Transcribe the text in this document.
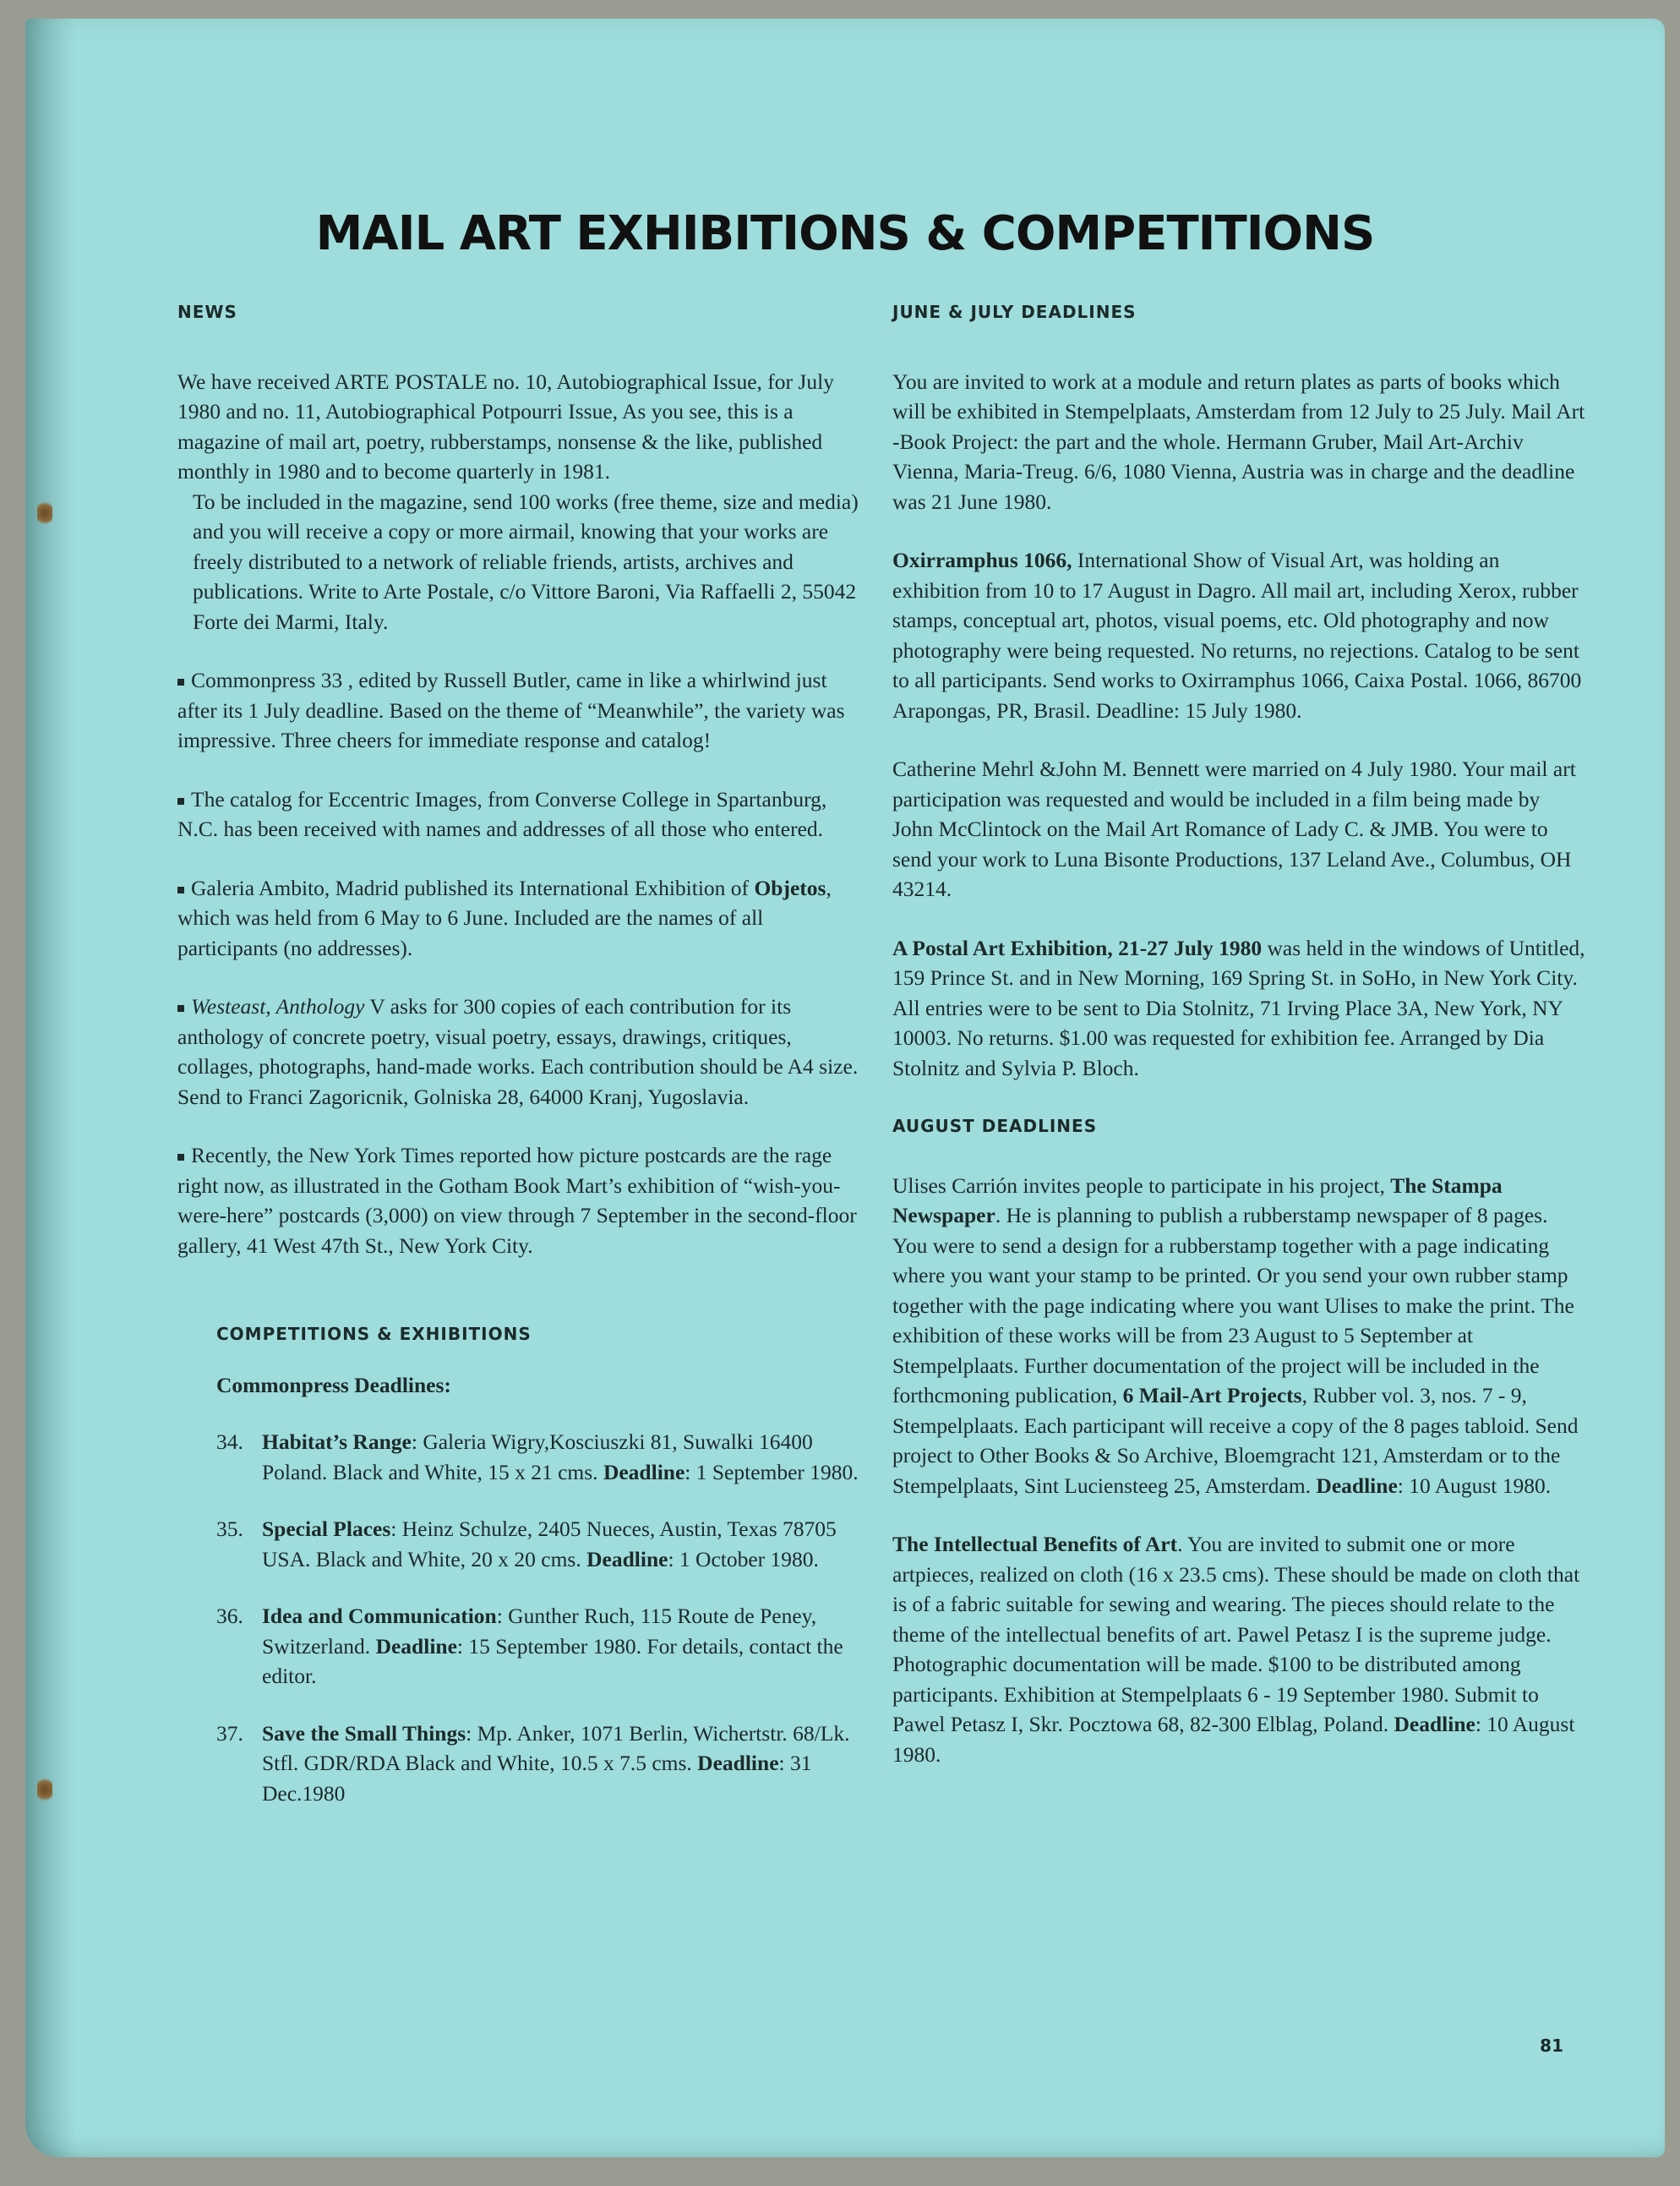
MAIL ART EXHIBITIONS & COMPETITIONS
NEWS

We have received ARTE POSTALE no. 10, Autobiographical Issue, for July 1980 and no. 11, Autobiographical Potpourri Issue, As you see, this is a magazine of mail art, poetry, rubberstamps, nonsense & the like, published monthly in 1980 and to become quarterly in 1981.

To be included in the magazine, send 100 works (free theme, size and media) and you will receive a copy or more airmail, knowing that your works are freely distributed to a network of reliable friends, artists, archives and publications. Write to Arte Postale, c/o Vittore Baroni, Via Raffaelli 2, 55042 Forte dei Marmi, Italy.

Commonpress 33 , edited by Russell Butler, came in like a whirlwind just after its 1 July deadline. Based on the theme of “Meanwhile”, the variety was impressive. Three cheers for immediate response and catalog!

The catalog for Eccentric Images, from Converse College in Spartanburg, N.C. has been received with names and addresses of all those who entered.

Galeria Ambito, Madrid published its International Exhibition of Objetos, which was held from 6 May to 6 June. Included are the names of all participants (no addresses).

Westeast, Anthology V asks for 300 copies of each contribution for its anthology of concrete poetry, visual poetry, essays, drawings, critiques, collages, photographs, hand-made works. Each contribution should be A4 size. Send to Franci Zagoricnik, Golniska 28, 64000 Kranj, Yugoslavia.

Recently, the New York Times reported how picture postcards are the rage right now, as illustrated in the Gotham Book Mart’s exhibition of “wish-you-were-here” postcards (3,000) on view through 7 September in the second-floor gallery, 41 West 47th St., New York City.

COMPETITIONS & EXHIBITIONS

Commonpress Deadlines:

34. Habitat’s Range: Galeria Wigry,Kosciuszki 81, Suwalki 16400 Poland. Black and White, 15 x 21 cms. Deadline: 1 September 1980.

35. Special Places: Heinz Schulze, 2405 Nueces, Austin, Texas 78705 USA. Black and White, 20 x 20 cms. Deadline: 1 October 1980.

36. Idea and Communication: Gunther Ruch, 115 Route de Peney, Switzerland. Deadline: 15 September 1980. For details, contact the editor.

37. Save the Small Things: Mp. Anker, 1071 Berlin, Wichertstr. 68/Lk. Stfl. GDR/RDA Black and White, 10.5 x 7.5 cms. Deadline: 31 Dec.1980

JUNE & JULY DEADLINES

You are invited to work at a module and return plates as parts of books which will be exhibited in Stempelplaats, Amsterdam from 12 July to 25 July. Mail Art -Book Project: the part and the whole. Hermann Gruber, Mail Art-Archiv Vienna, Maria-Treug. 6/6, 1080 Vienna, Austria was in charge and the deadline was 21 June 1980.

Oxirramphus 1066, International Show of Visual Art, was holding an exhibition from 10 to 17 August in Dagro. All mail art, including Xerox, rubber stamps, conceptual art, photos, visual poems, etc. Old photography and now photography were being requested. No returns, no rejections. Catalog to be sent to all participants. Send works to Oxirramphus 1066, Caixa Postal. 1066, 86700 Arapongas, PR, Brasil. Deadline: 15 July 1980.

Catherine Mehrl &John M. Bennett were married on 4 July 1980. Your mail art participation was requested and would be included in a film being made by John McClintock on the Mail Art Romance of Lady C. & JMB. You were to send your work to Luna Bisonte Productions, 137 Leland Ave., Columbus, OH 43214.

A Postal Art Exhibition, 21-27 July 1980 was held in the windows of Untitled, 159 Prince St. and in New Morning, 169 Spring St. in SoHo, in New York City. All entries were to be sent to Dia Stolnitz, 71 Irving Place 3A, New York, NY 10003. No returns. $1.00 was requested for exhibition fee. Arranged by Dia Stolnitz and Sylvia P. Bloch.

AUGUST DEADLINES

Ulises Carrión invites people to participate in his project, The Stampa Newspaper. He is planning to publish a rubberstamp newspaper of 8 pages. You were to send a design for a rubberstamp together with a page indicating where you want your stamp to be printed. Or you send your own rubber stamp together with the page indicating where you want Ulises to make the print. The exhibition of these works will be from 23 August to 5 September at Stempelplaats. Further documentation of the project will be included in the forthcmoning publication, 6 Mail-Art Projects, Rubber vol. 3, nos. 7 - 9, Stempelplaats. Each participant will receive a copy of the 8 pages tabloid. Send project to Other Books & So Archive, Bloemgracht 121, Amsterdam or to the Stempelplaats, Sint Luciensteeg 25, Amsterdam. Deadline: 10 August 1980.

The Intellectual Benefits of Art. You are invited to submit one or more artpieces, realized on cloth (16 x 23.5 cms). These should be made on cloth that is of a fabric suitable for sewing and wearing. The pieces should relate to the theme of the intellectual benefits of art. Pawel Petasz I is the supreme judge. Photographic documentation will be made. $100 to be distributed among participants. Exhibition at Stempelplaats 6 - 19 September 1980. Submit to Pawel Petasz I, Skr. Pocztowa 68, 82-300 Elblag, Poland. Deadline: 10 August 1980.

81
